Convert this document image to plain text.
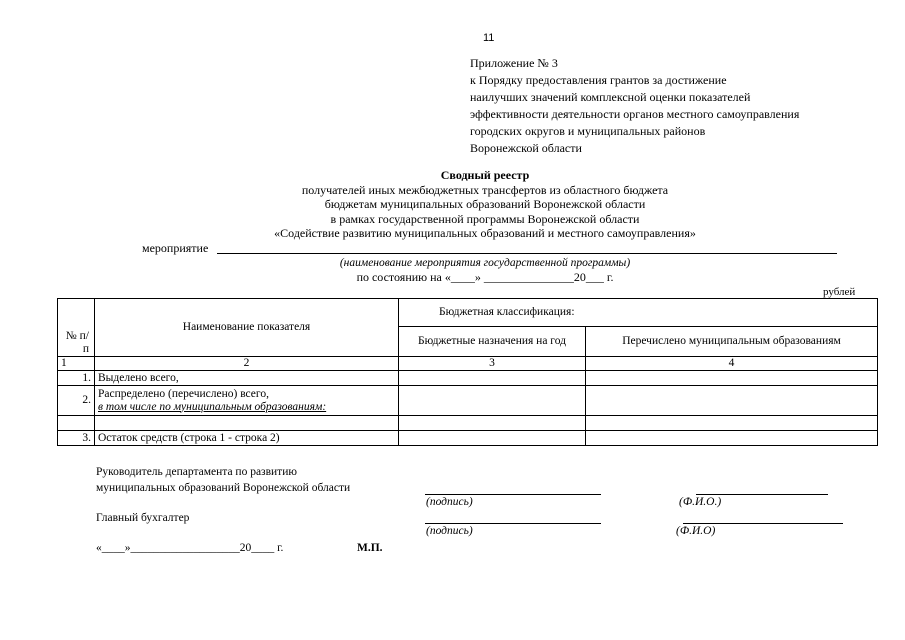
11
Приложение № 3
к Порядку предоставления грантов за достижение
наилучших значений комплексной оценки показателей
эффективности деятельности органов местного самоуправления
городских округов и муниципальных районов
Воронежской области
Сводный реестр
получателей иных межбюджетных трансфертов из областного бюджета
бюджетам муниципальных образований Воронежской области
в рамках государственной программы Воронежской области
«Содействие развитию муниципальных образований и местного самоуправления»
мероприятие
(наименование мероприятия государственной программы)
по состоянию на «____» _______________20___ г.
рублей
№ п/п	Наименование показателя	Бюджетная классификация:	
		Бюджетные назначения на год	Перечислено муниципальным образованиям
1	2	3	4
1.	Выделено всего,		
2.	Распределено (перечислено) всего,
в том числе по муниципальным образованиям:		

3.	Остаток средств (строка 1 - строка 2)		
Руководитель департамента по развитию
муниципальных образований Воронежской области
(подпись)	(Ф.И.О.)
Главный бухгалтер
(подпись)	(Ф.И.О)
«____»___________________20____ г.	М.П.
